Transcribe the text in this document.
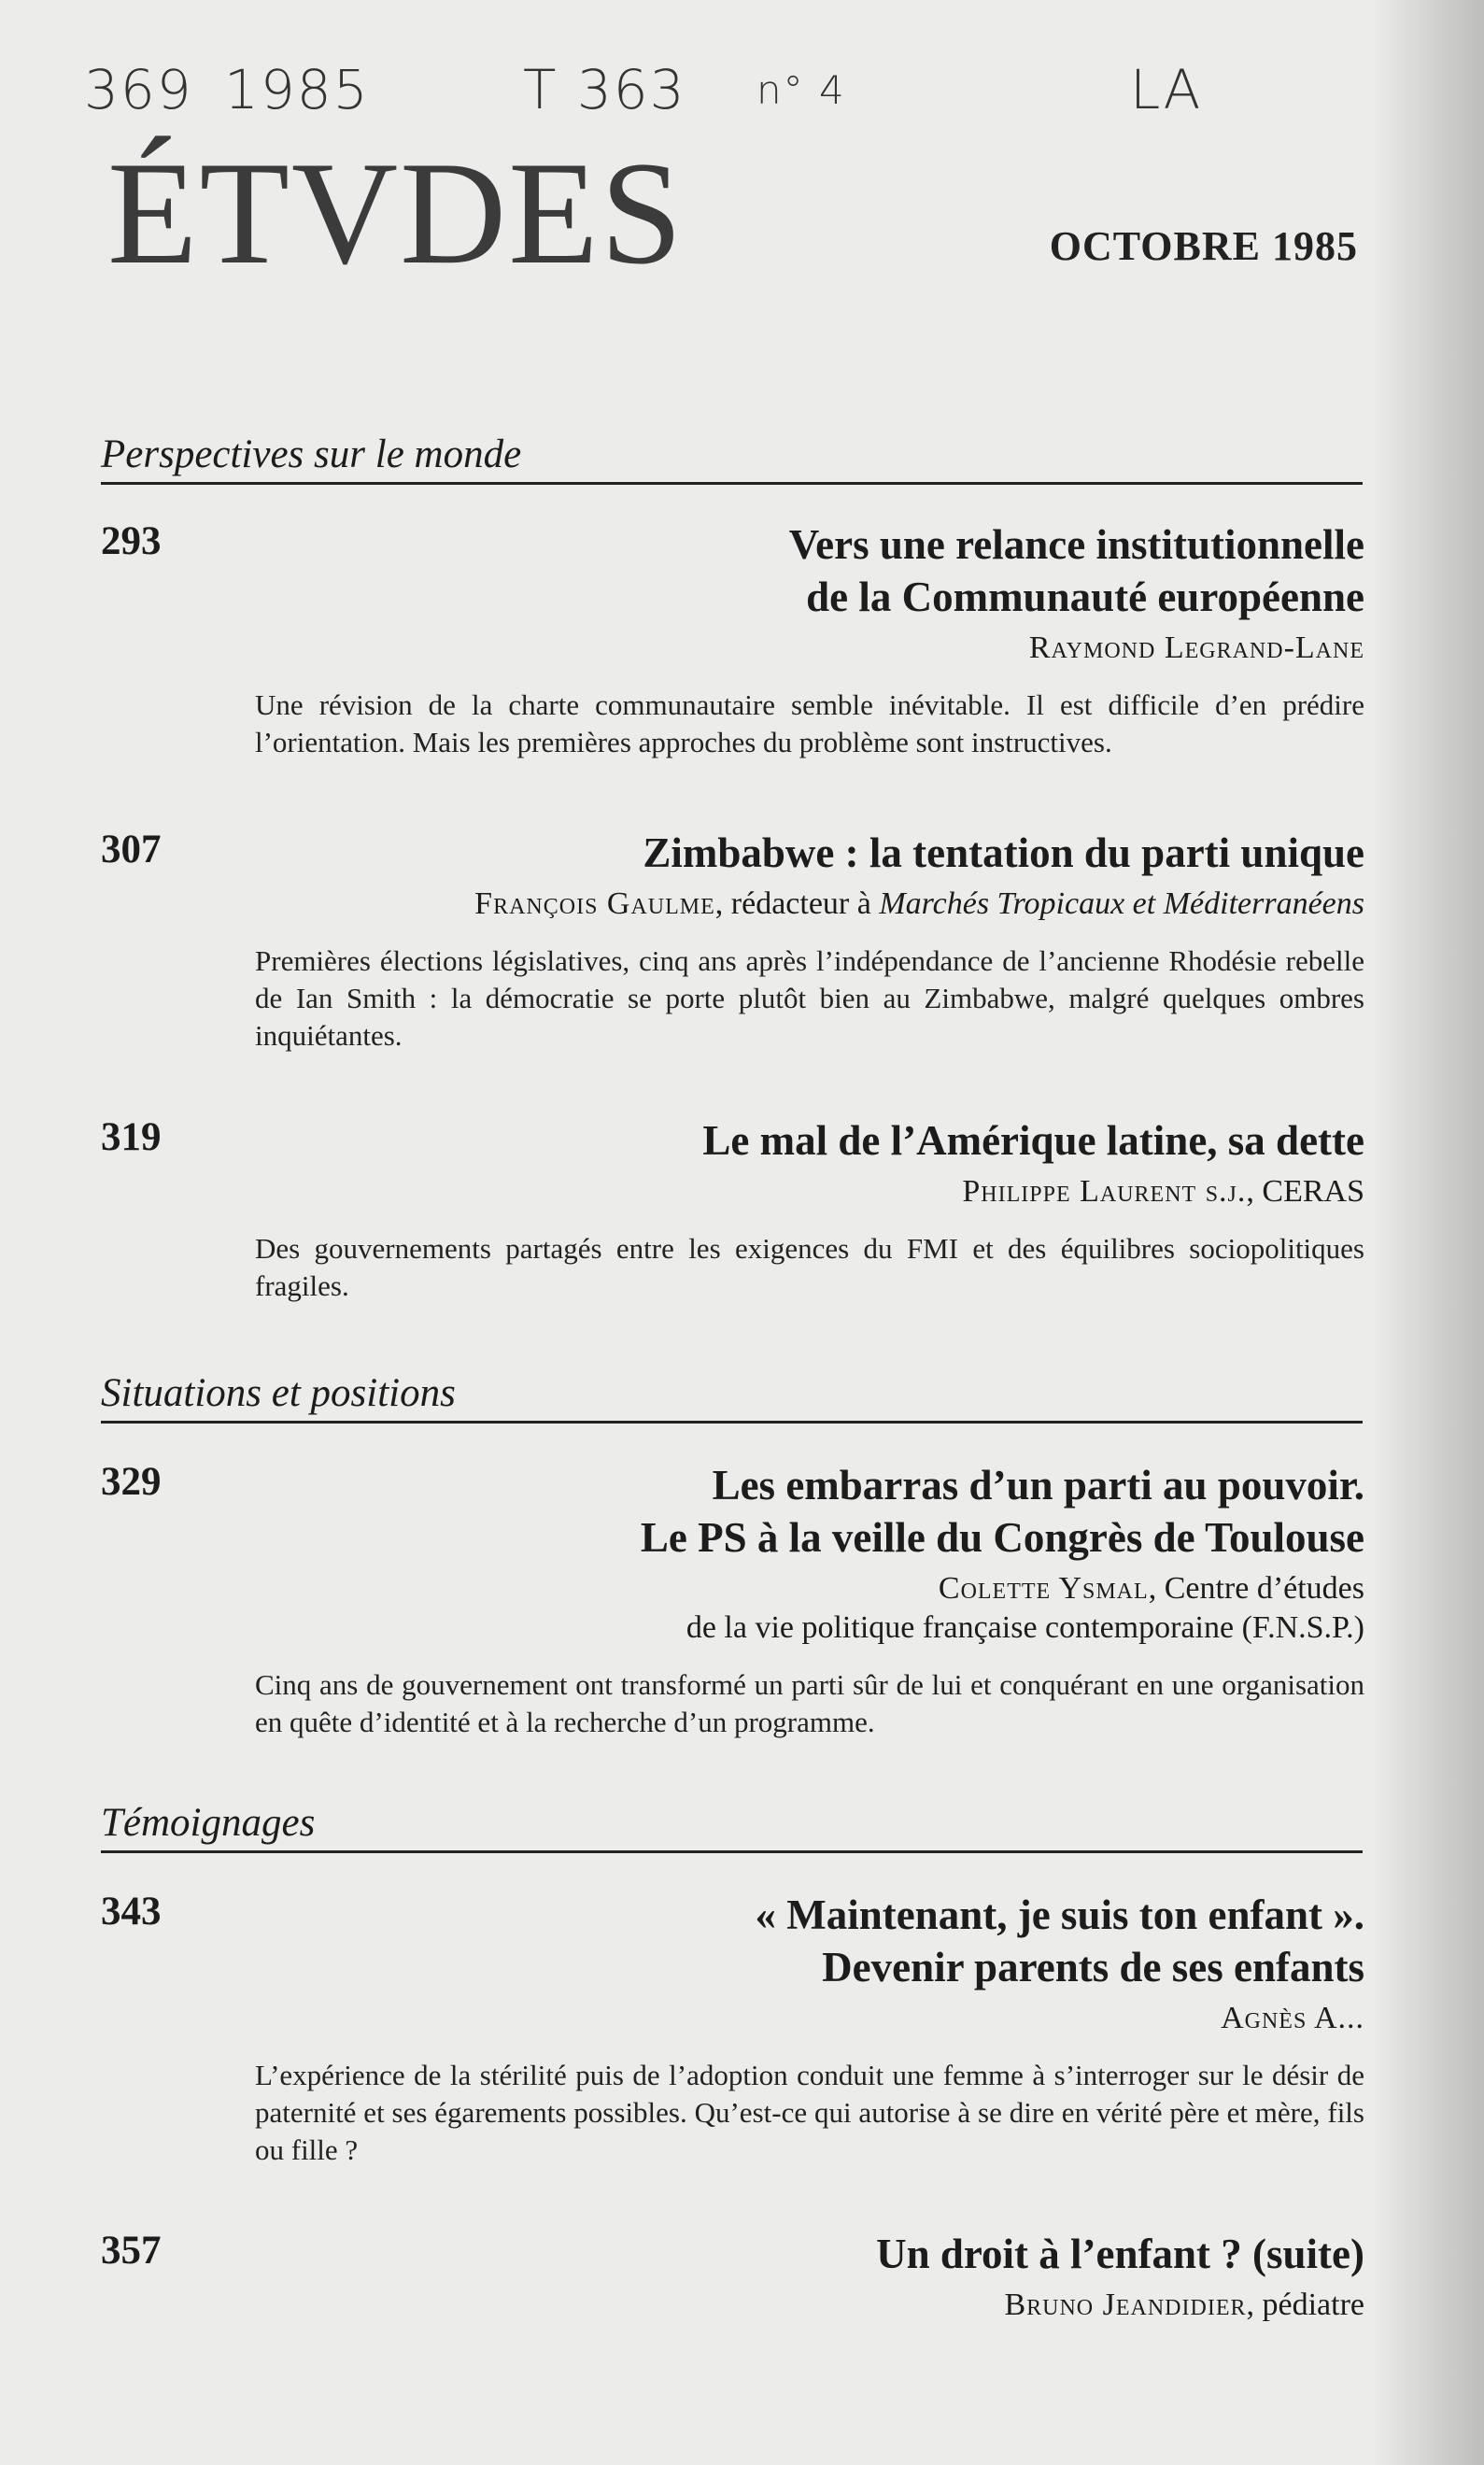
369 1985	T 363 n° 4	LA
ÉTVDES	OCTOBRE 1985
Perspectives sur le monde
293	Vers une relance institutionnelle
de la Communauté européenne
Raymond Legrand-Lane
Une révision de la charte communautaire semble inévitable. Il est difficile d’en prédire l’orientation. Mais les premières approches du problème sont instructives.
307	Zimbabwe : la tentation du parti unique
François Gaulme, rédacteur à Marchés Tropicaux et Méditerranéens
Premières élections législatives, cinq ans après l’indépendance de l’ancienne Rhodésie rebelle de Ian Smith : la démocratie se porte plutôt bien au Zimbabwe, malgré quelques ombres inquiétantes.
319	Le mal de l’Amérique latine, sa dette
Philippe Laurent s.j., CERAS
Des gouvernements partagés entre les exigences du FMI et des équilibres sociopolitiques fragiles.
Situations et positions
329	Les embarras d’un parti au pouvoir.
Le PS à la veille du Congrès de Toulouse
Colette Ysmal, Centre d’études
de la vie politique française contemporaine (F.N.S.P.)
Cinq ans de gouvernement ont transformé un parti sûr de lui et conquérant en une organisation en quête d’identité et à la recherche d’un programme.
Témoignages
343	« Maintenant, je suis ton enfant ».
Devenir parents de ses enfants
Agnès A...
L’expérience de la stérilité puis de l’adoption conduit une femme à s’interroger sur le désir de paternité et ses égarements possibles. Qu’est-ce qui autorise à se dire en vérité père et mère, fils ou fille ?
357	Un droit à l’enfant ? (suite)
Bruno Jeandidier, pédiatre
